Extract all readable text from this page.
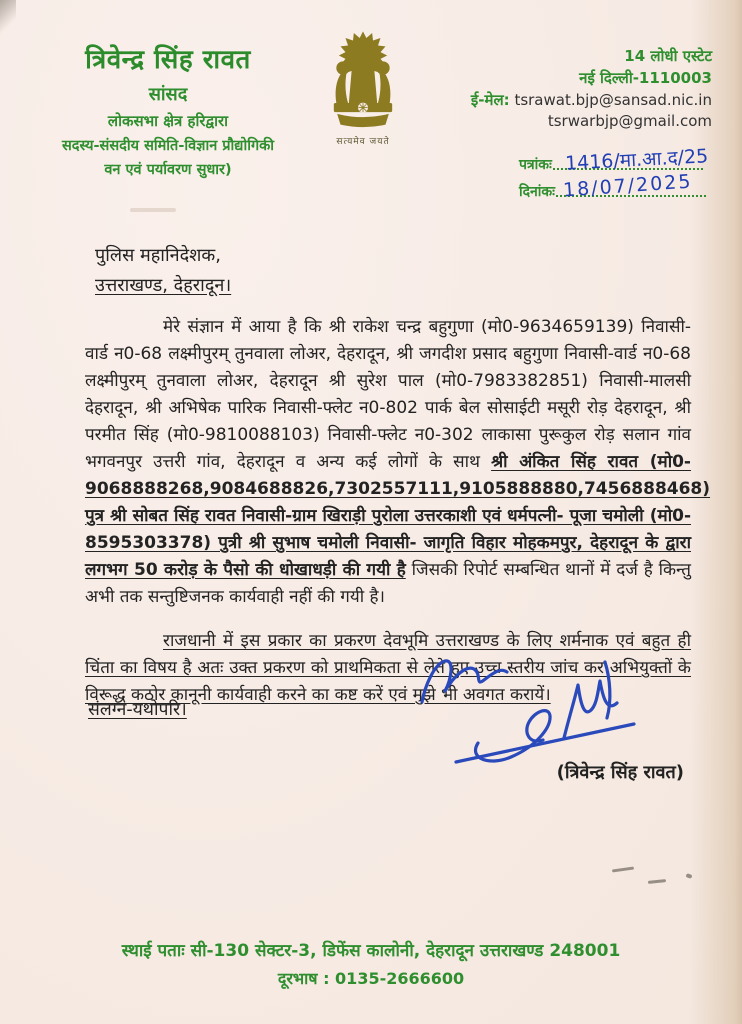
त्रिवेन्द्र सिंह रावत
सांसद
लोकसभा क्षेत्र हरिद्वारा
सदस्य-संसदीय समिति-विज्ञान प्रौद्योगिकी
वन एवं पर्यावरण सुधार)
सत्यमेव जयते
14 लोधी एस्टेट
नई दिल्ली-1110003
ई-मेल: tsrawat.bjp@sansad.nic.in
tsrwarbjp@gmail.com
पत्रांकः 1416/मा.आ.द/25
दिनांकः 18/07/2025
पुलिस महानिदेशक,
उत्तराखण्ड, देहरादून।

मेरे संज्ञान में आया है कि श्री राकेश चन्द्र बहुगुणा (मो0-9634659139) निवासी-वार्ड न0-68 लक्ष्मीपुरम् तुनवाला लोअर, देहरादून, श्री जगदीश प्रसाद बहुगुणा निवासी-वार्ड न0-68 लक्ष्मीपुरम् तुनवाला लोअर, देहरादून श्री सुरेश पाल (मो0-7983382851) निवासी-मालसी देहरादून, श्री अभिषेक पारिक निवासी-फ्लेट न0-802 पार्क बेल सोसाईटी मसूरी रोड़ देहरादून, श्री परमीत सिंह (मो0-9810088103) निवासी-फ्लेट न0-302 लाकासा पुरूकुल रोड़ सलान गांव भगवनपुर उत्तरी गांव, देहरादून व अन्य कई लोगों के साथ श्री अंकित सिंह रावत (मो0-9068888268,9084688826,7302557111,9105888880,7456888468) पुत्र श्री सोबत सिंह रावत निवासी-ग्राम खिराड़ी पुरोला उत्तरकाशी एवं धर्मपत्नी- पूजा चमोली (मो0-8595303378) पुत्री श्री सुभाष चमोली निवासी- जागृति विहार मोहकमपुर, देहरादून के द्वारा लगभग 50 करोड़ के पैसो की धोखाधड़ी की गयी है जिसकी रिपोर्ट सम्बन्धित थानों में दर्ज है किन्तु अभी तक सन्तुष्टिजनक कार्यवाही नहीं की गयी है।

राजधानी में इस प्रकार का प्रकरण देवभूमि उत्तराखण्ड के लिए शर्मनाक एवं बहुत ही चिंता का विषय है अतः उक्त प्रकरण को प्राथमिकता से लेते हुए उच्च स्तरीय जांच कर अभियुक्तों के विरूद्ध कठोर कानूनी कार्यवाही करने का कष्ट करें एवं मुझे भी अवगत करायें।

संलग्न-यथोपरि।
(त्रिवेन्द्र सिंह रावत)
स्थाई पताः सी-130 सेक्टर-3, डिफेंस कालोनी, देहरादून उत्तराखण्ड 248001
दूरभाष : 0135-2666600
